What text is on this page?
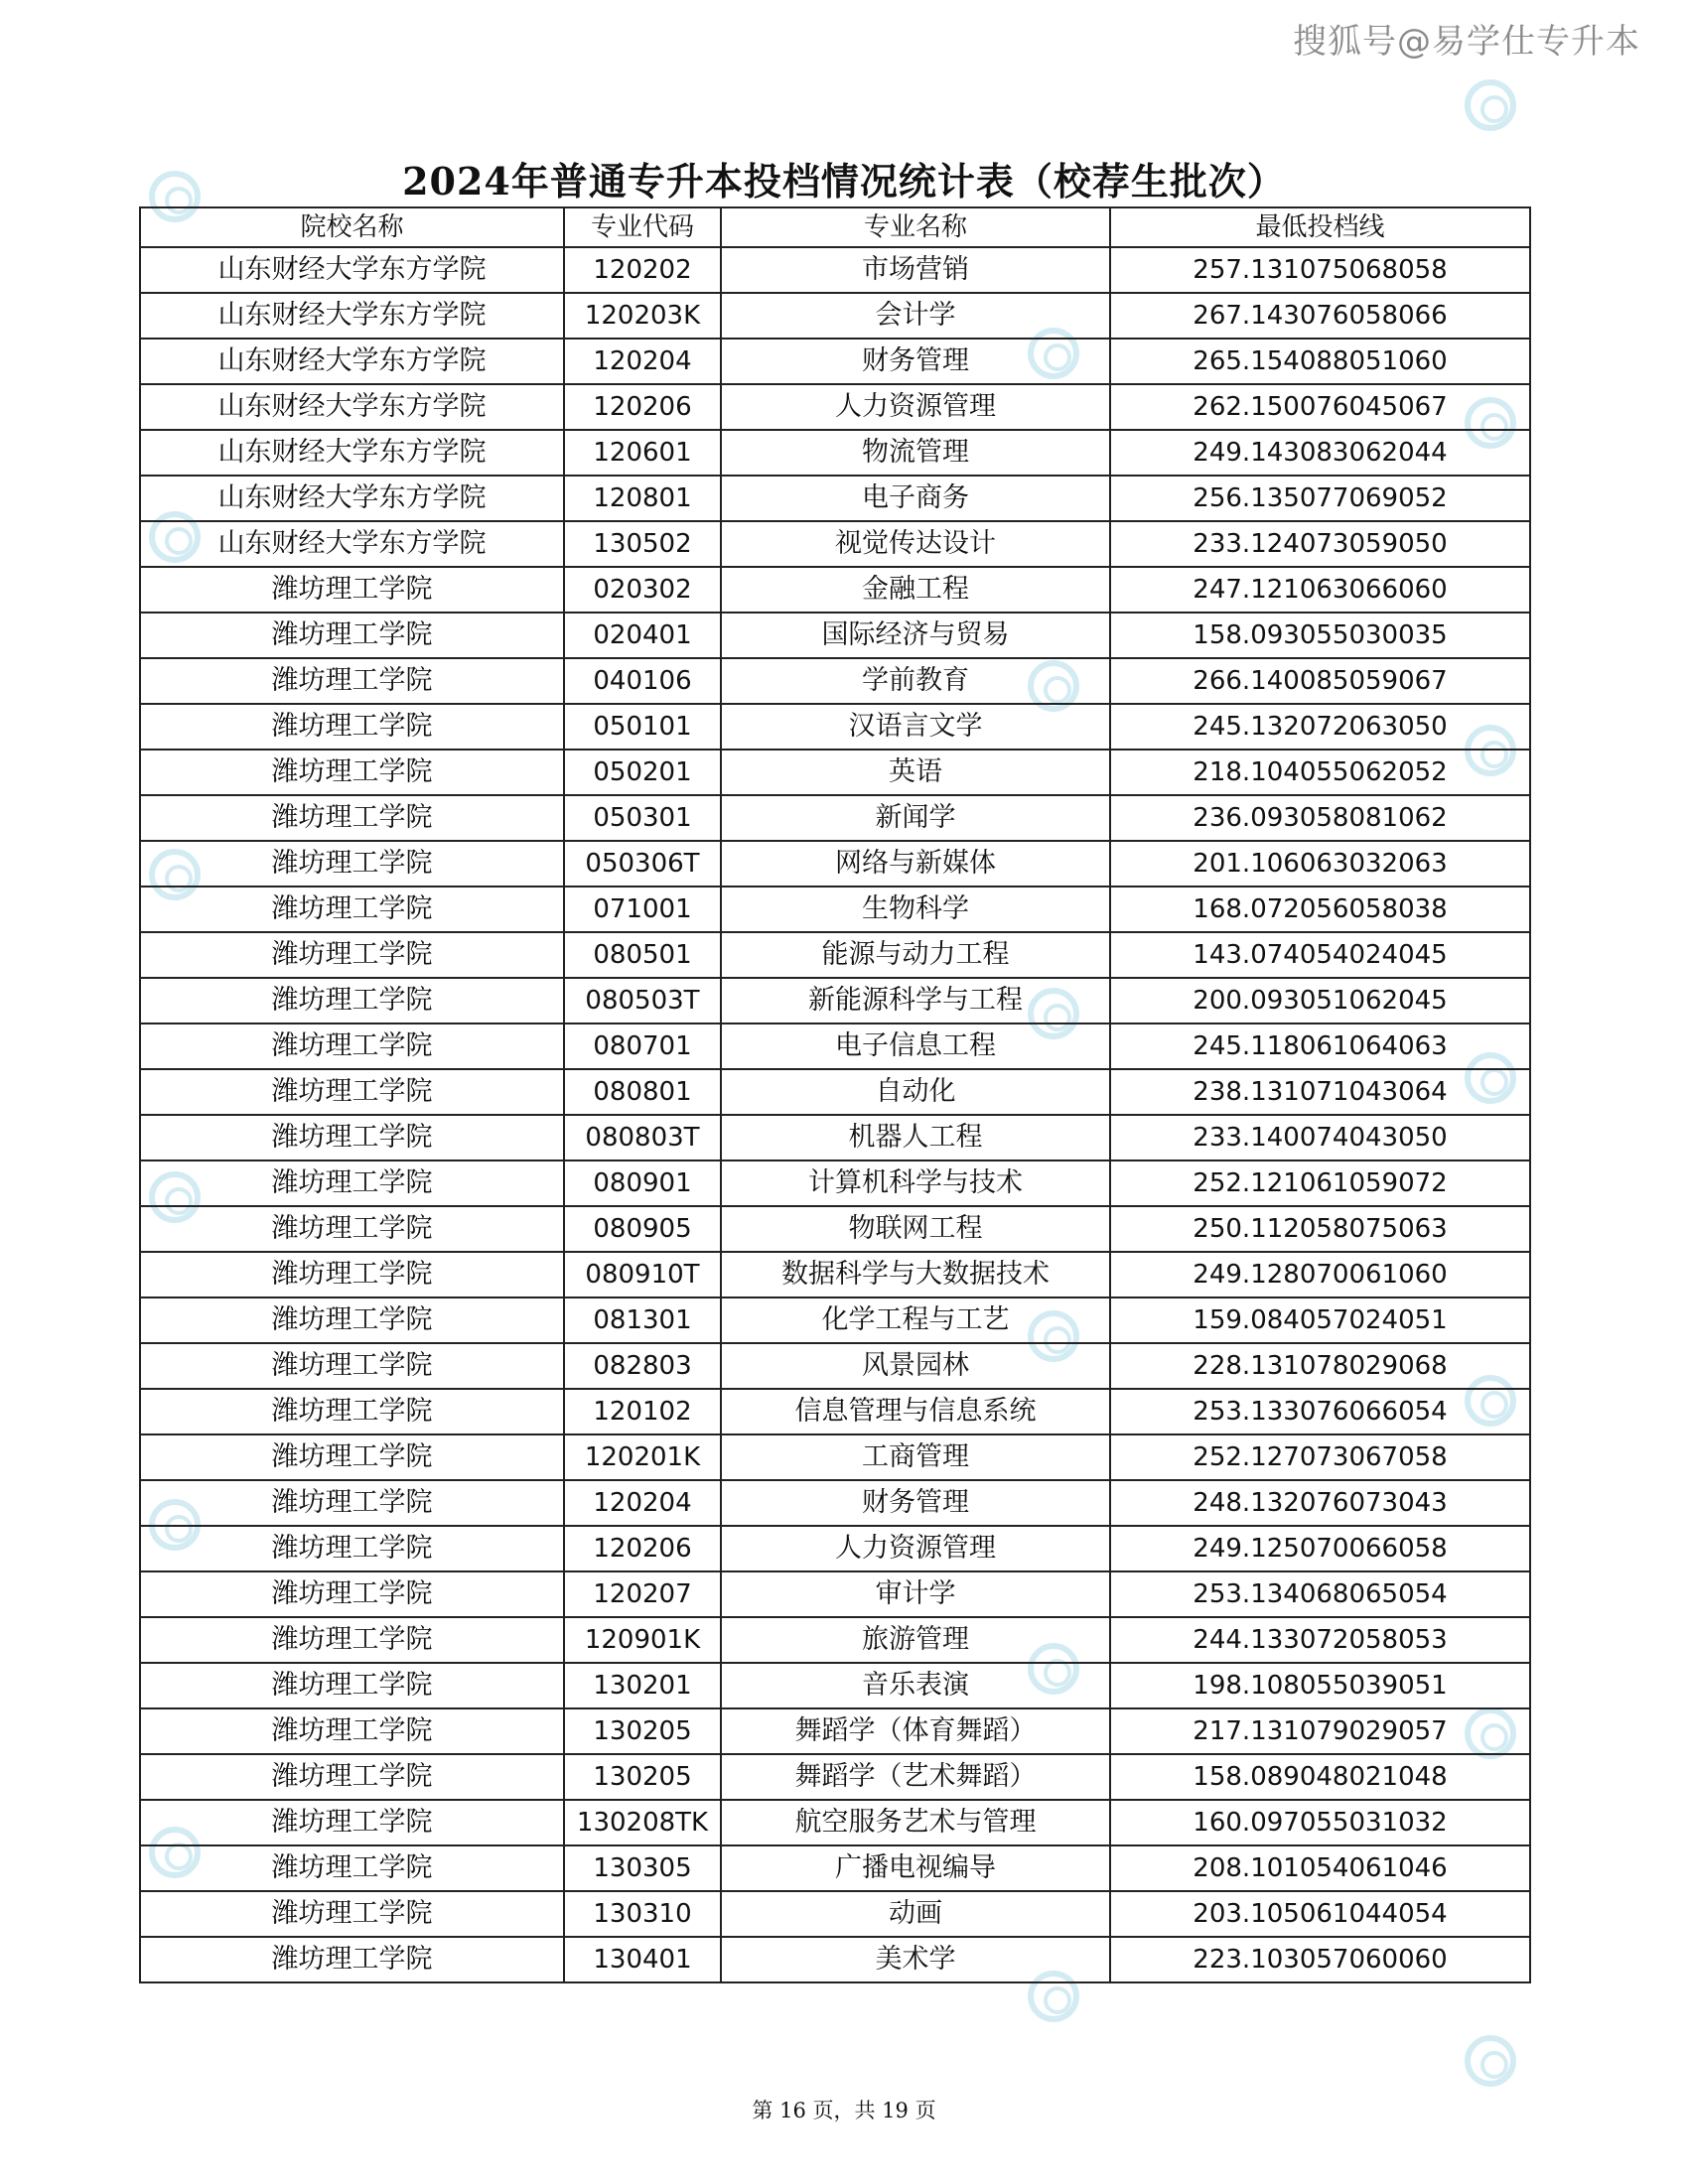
搜狐号@易学仕专升本
2024年普通专升本投档情况统计表（校荐生批次）
院校名称	专业代码	专业名称	最低投档线
山东财经大学东方学院	120202	市场营销	257.131075068058
山东财经大学东方学院	120203K	会计学	267.143076058066
山东财经大学东方学院	120204	财务管理	265.154088051060
山东财经大学东方学院	120206	人力资源管理	262.150076045067
山东财经大学东方学院	120601	物流管理	249.143083062044
山东财经大学东方学院	120801	电子商务	256.135077069052
山东财经大学东方学院	130502	视觉传达设计	233.124073059050
潍坊理工学院	020302	金融工程	247.121063066060
潍坊理工学院	020401	国际经济与贸易	158.093055030035
潍坊理工学院	040106	学前教育	266.140085059067
潍坊理工学院	050101	汉语言文学	245.132072063050
潍坊理工学院	050201	英语	218.104055062052
潍坊理工学院	050301	新闻学	236.093058081062
潍坊理工学院	050306T	网络与新媒体	201.106063032063
潍坊理工学院	071001	生物科学	168.072056058038
潍坊理工学院	080501	能源与动力工程	143.074054024045
潍坊理工学院	080503T	新能源科学与工程	200.093051062045
潍坊理工学院	080701	电子信息工程	245.118061064063
潍坊理工学院	080801	自动化	238.131071043064
潍坊理工学院	080803T	机器人工程	233.140074043050
潍坊理工学院	080901	计算机科学与技术	252.121061059072
潍坊理工学院	080905	物联网工程	250.112058075063
潍坊理工学院	080910T	数据科学与大数据技术	249.128070061060
潍坊理工学院	081301	化学工程与工艺	159.084057024051
潍坊理工学院	082803	风景园林	228.131078029068
潍坊理工学院	120102	信息管理与信息系统	253.133076066054
潍坊理工学院	120201K	工商管理	252.127073067058
潍坊理工学院	120204	财务管理	248.132076073043
潍坊理工学院	120206	人力资源管理	249.125070066058
潍坊理工学院	120207	审计学	253.134068065054
潍坊理工学院	120901K	旅游管理	244.133072058053
潍坊理工学院	130201	音乐表演	198.108055039051
潍坊理工学院	130205	舞蹈学（体育舞蹈）	217.131079029057
潍坊理工学院	130205	舞蹈学（艺术舞蹈）	158.089048021048
潍坊理工学院	130208TK	航空服务艺术与管理	160.097055031032
潍坊理工学院	130305	广播电视编导	208.101054061046
潍坊理工学院	130310	动画	203.105061044054
潍坊理工学院	130401	美术学	223.103057060060
第 16 页，共 19 页
